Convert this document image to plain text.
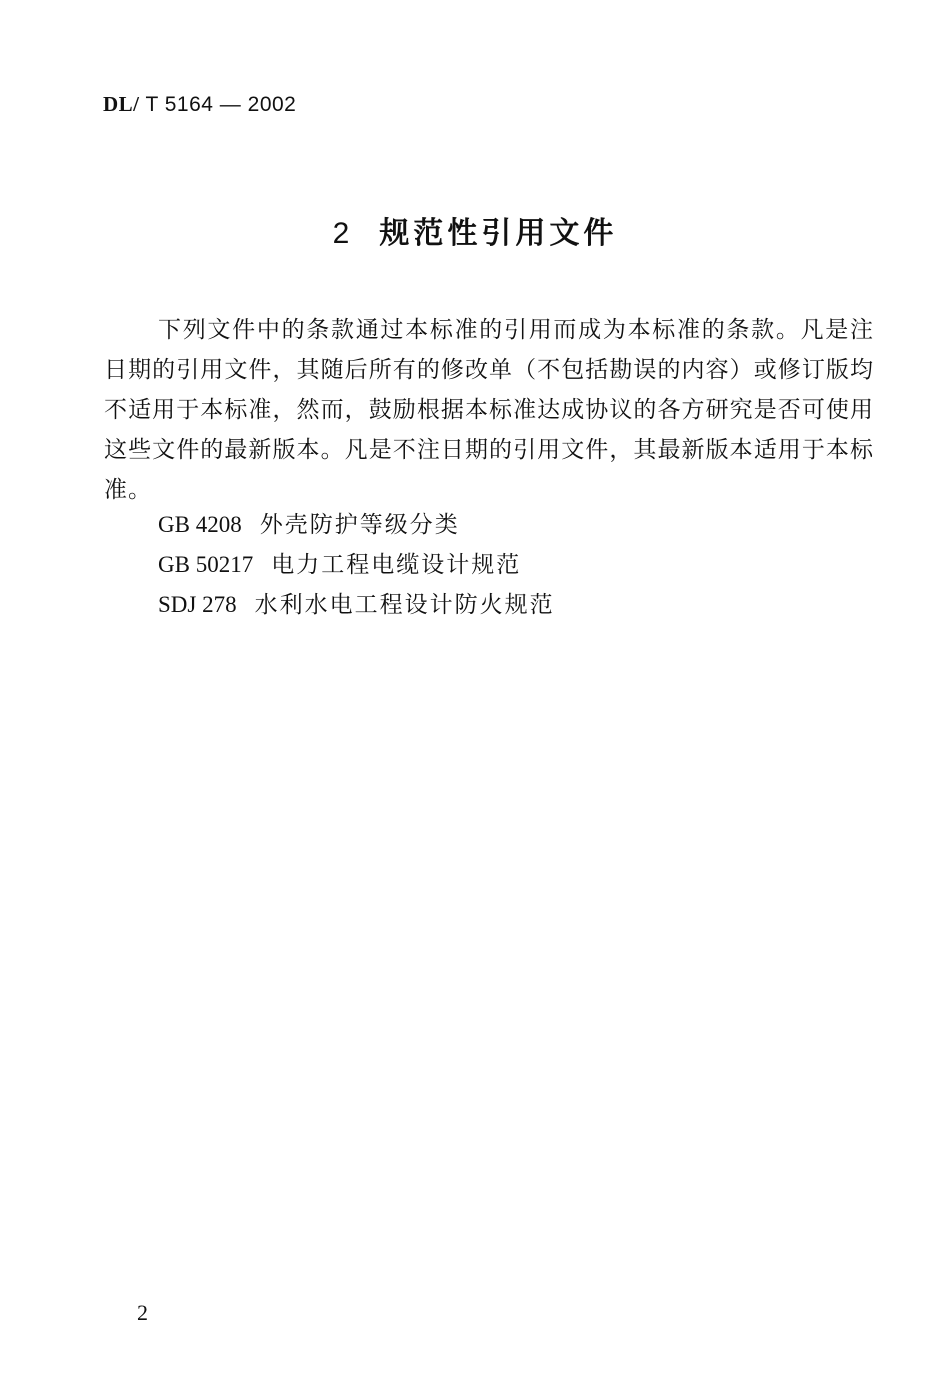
DL/ T 5164 — 2002
2 规范性引用文件
下列文件中的条款通过本标准的引用而成为本标准的条款。凡是注日期的引用文件，其随后所有的修改单（不包括勘误的内容）或修订版均不适用于本标准，然而，鼓励根据本标准达成协议的各方研究是否可使用这些文件的最新版本。凡是不注日期的引用文件，其最新版本适用于本标准。
GB 4208 外壳防护等级分类
GB 50217 电力工程电缆设计规范
SDJ 278 水利水电工程设计防火规范
2
